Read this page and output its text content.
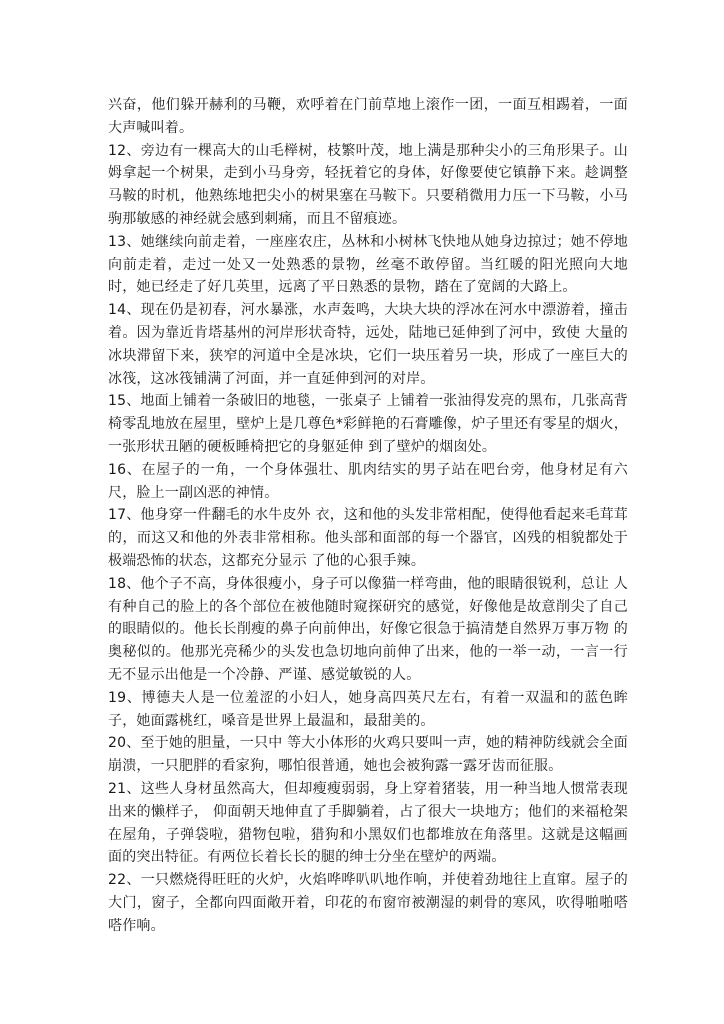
兴奋，他们躲开赫利的马鞭，欢呼着在门前草地上滚作一团，一面互相踢着，一面大声喊叫着。

12、旁边有一棵高大的山毛榉树，枝繁叶茂，地上满是那种尖小的三角形果子。山姆拿起一个树果，走到小马身旁，轻抚着它的身体，好像要使它镇静下来。趁调整马鞍的时机，他熟练地把尖小的树果塞在马鞍下。只要稍微用力压一下马鞍，小马驹那敏感的神经就会感到刺痛，而且不留痕迹。

13、她继续向前走着，一座座农庄，丛林和小树林飞快地从她身边掠过；她不停地向前走着，走过一处又一处熟悉的景物，丝毫不敢停留。当红暖的阳光照向大地时，她已经走了好几英里，远离了平日熟悉的景物，踏在了宽阔的大路上。

14、现在仍是初春，河水暴涨，水声轰鸣，大块大块的浮冰在河水中漂游着，撞击着。因为靠近肯塔基州的河岸形状奇特，远处，陆地已延伸到了河中，致使 大量的冰块滞留下来，狭窄的河道中全是冰块，它们一块压着另一块，形成了一座巨大的冰筏，这冰筏铺满了河面，并一直延伸到河的对岸。

15、地面上铺着一条破旧的地毯，一张桌子 上铺着一张油得发亮的黑布，几张高背椅零乱地放在屋里，壁炉上是几尊色*彩鲜艳的石膏雕像，炉子里还有零星的烟火，一张形状丑陋的硬板睡椅把它的身躯延伸 到了壁炉的烟囱处。

16、在屋子的一角，一个身体强壮、肌肉结实的男子站在吧台旁，他身材足有六尺，脸上一副凶恶的神情。

17、他身穿一件翻毛的水牛皮外 衣，这和他的头发非常相配，使得他看起来毛茸茸的，而这又和他的外表非常相称。他头部和面部的每一个器官，凶残的相貌都处于极端恐怖的状态，这都充分显示 了他的心狠手辣。

18、他个子不高，身体很瘦小，身子可以像猫一样弯曲，他的眼睛很锐利，总让 人有种自己的脸上的各个部位在被他随时窥探研究的感觉，好像他是故意削尖了自己的眼睛似的。他长长削瘦的鼻子向前伸出，好像它很急于搞清楚自然界万事万物 的奥秘似的。他那光亮稀少的头发也急切地向前伸了出来，他的一举一动，一言一行无不显示出他是一个冷静、严谨、感觉敏锐的人。

19、博德夫人是一位羞涩的小妇人，她身高四英尺左右，有着一双温和的蓝色眸子，她面露桃红，嗓音是世界上最温和，最甜美的。

20、至于她的胆量，一只中 等大小体形的火鸡只要叫一声，她的精神防线就会全面崩溃，一只肥胖的看家狗，哪怕很普通，她也会被狗露一露牙齿而征服。

21、这些人身材虽然高大，但却瘦瘦弱弱，身上穿着猪装，用一种当地人惯常表现出来的懒样子， 仰面朝天地伸直了手脚躺着，占了很大一块地方；他们的来福枪架在屋角，子弹袋啦，猎物包啦，猎狗和小黑奴们也都堆放在角落里。这就是这幅画面的突出特征。有两位长着长长的腿的绅士分坐在壁炉的两端。

22、一只燃烧得旺旺的火炉，火焰哗哗叭叭地作响，并使着劲地往上直窜。屋子的大门，窗子，全都向四面敞开着，印花的布窗帘被潮湿的刺骨的寒风，吹得啪啪嗒嗒作响。
